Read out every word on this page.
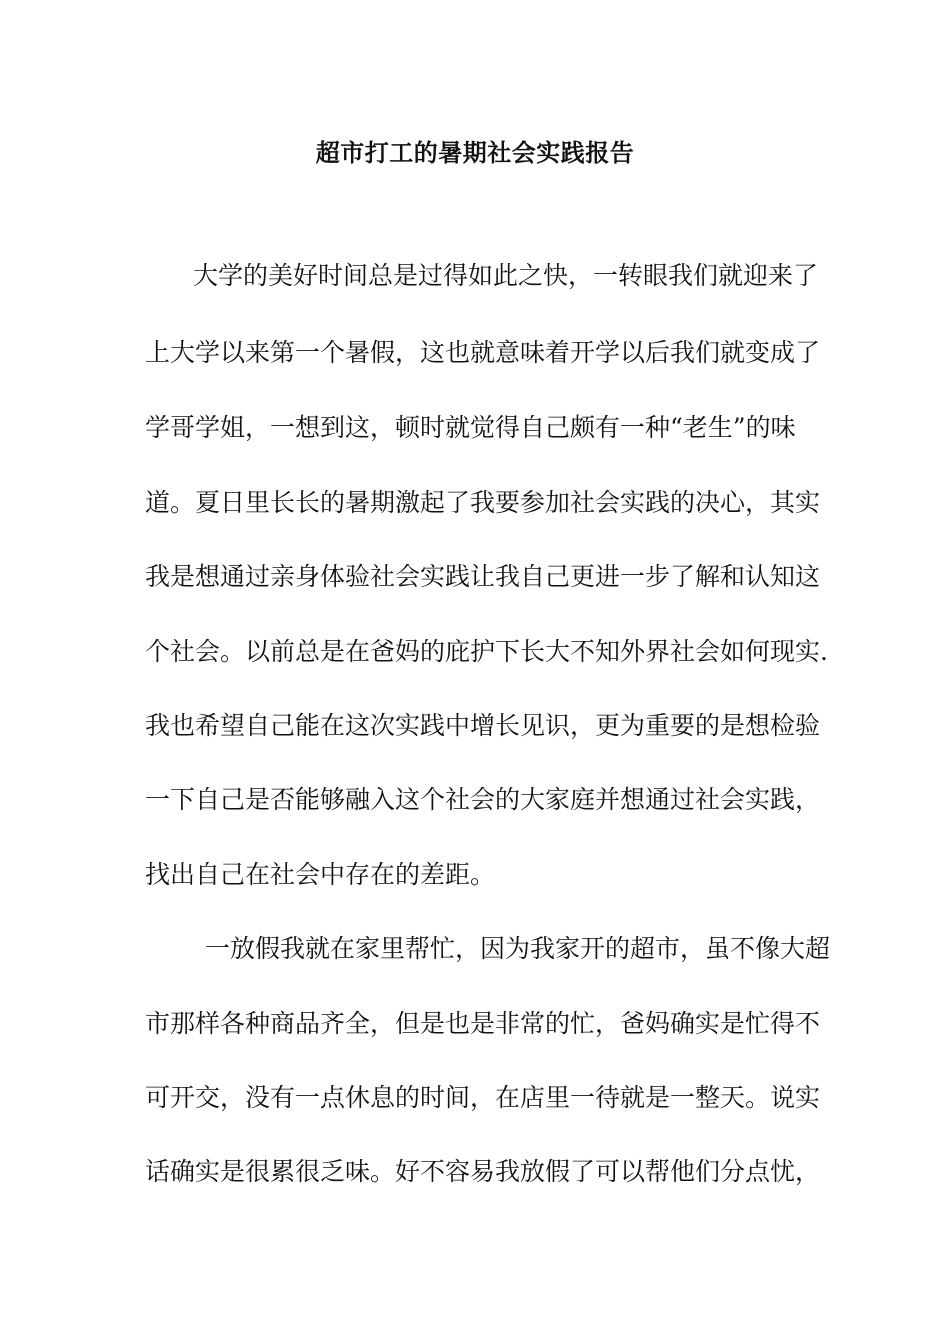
超市打工的暑期社会实践报告

大学的美好时间总是过得如此之快，一转眼我们就迎来了

上大学以来第一个暑假，这也就意味着开学以后我们就变成了

学哥学姐，一想到这，顿时就觉得自己颇有一种“老生”的味

道。夏日里长长的暑期激起了我要参加社会实践的决心，其实

我是想通过亲身体验社会实践让我自己更进一步了解和认知这

个社会。以前总是在爸妈的庇护下长大不知外界社会如何现实.

我也希望自己能在这次实践中增长见识，更为重要的是想检验

一下自己是否能够融入这个社会的大家庭并想通过社会实践，

找出自己在社会中存在的差距。

一放假我就在家里帮忙，因为我家开的超市，虽不像大超

市那样各种商品齐全，但是也是非常的忙，爸妈确实是忙得不

可开交，没有一点休息的时间，在店里一待就是一整天。说实

话确实是很累很乏味。好不容易我放假了可以帮他们分点忧，
